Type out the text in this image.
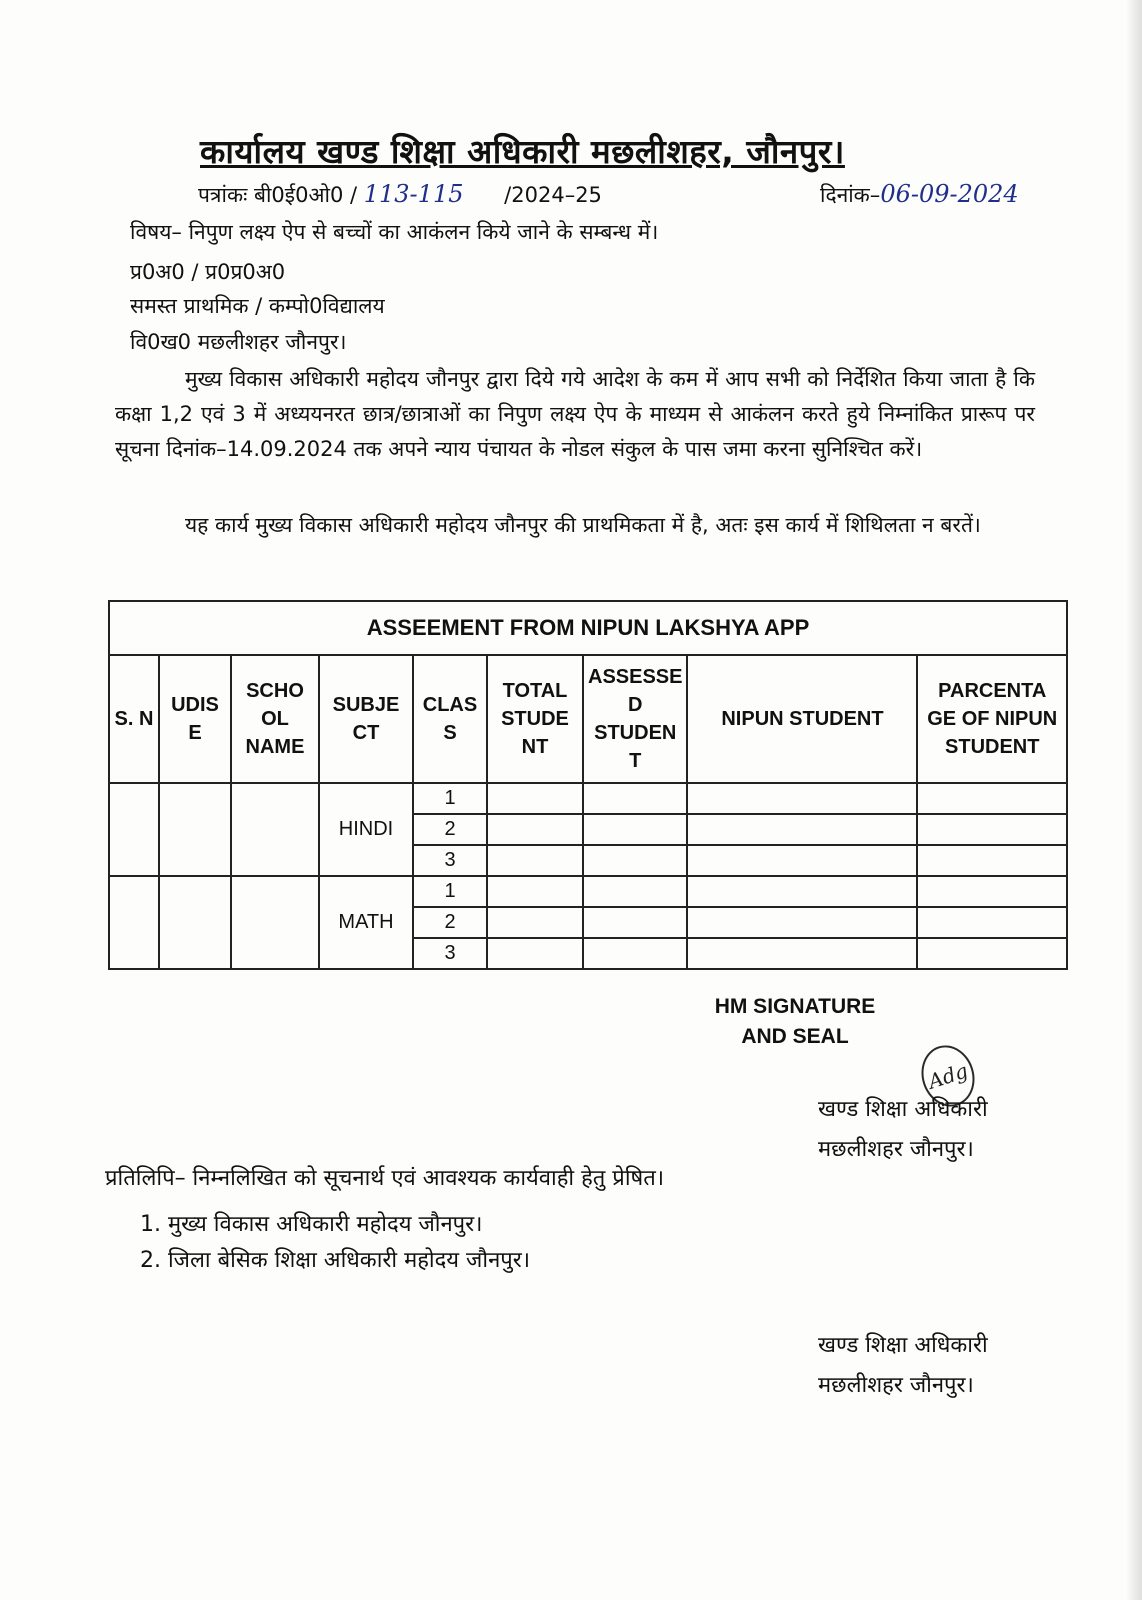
कार्यालय खण्ड शिक्षा अधिकारी मछलीशहर, जौनपुर।
पत्रांकः बी0ई0ओ0 / 113-115 /2024–25	दिनांक–06-09-2024
विषय– निपुण लक्ष्य ऐप से बच्चों का आकंलन किये जाने के सम्बन्ध में।
प्र0अ0 / प्र0प्र0अ0
समस्त प्राथमिक / कम्पो0विद्यालय
वि0ख0 मछलीशहर जौनपुर।
मुख्य विकास अधिकारी महोदय जौनपुर द्वारा दिये गये आदेश के कम में आप सभी को निर्देशित किया जाता है कि कक्षा 1,2 एवं 3 में अध्ययनरत छात्र/छात्राओं का निपुण लक्ष्य ऐप के माध्यम से आकंलन करते हुये निम्नांकित प्रारूप पर सूचना दिनांक–14.09.2024 तक अपने न्याय पंचायत के नोडल संकुल के पास जमा करना सुनिश्चित करें।
यह कार्य मुख्य विकास अधिकारी महोदय जौनपुर की प्राथमिकता में है, अतः इस कार्य में शिथिलता न बरतें।
ASSEEMENT FROM NIPUN LAKSHYA APP								
S. N	UDIS E	SCHO OL NAME	SUBJE CT	CLAS S	TOTAL STUDE NT	ASSESSE D STUDEN T	NIPUN STUDENT	PARCENTA GE OF NIPUN STUDENT
			HINDI	1				
				2				
				3				
			MATH	1				
				2				
				3				
HM SIGNATURE
AND SEAL
Adg
खण्ड शिक्षा अधिकारी
मछलीशहर जौनपुर।
प्रतिलिपि– निम्नलिखित को सूचनार्थ एवं आवश्यक कार्यवाही हेतु प्रेषित।
1. मुख्य विकास अधिकारी महोदय जौनपुर।
2. जिला बेसिक शिक्षा अधिकारी महोदय जौनपुर।
खण्ड शिक्षा अधिकारी
मछलीशहर जौनपुर।
